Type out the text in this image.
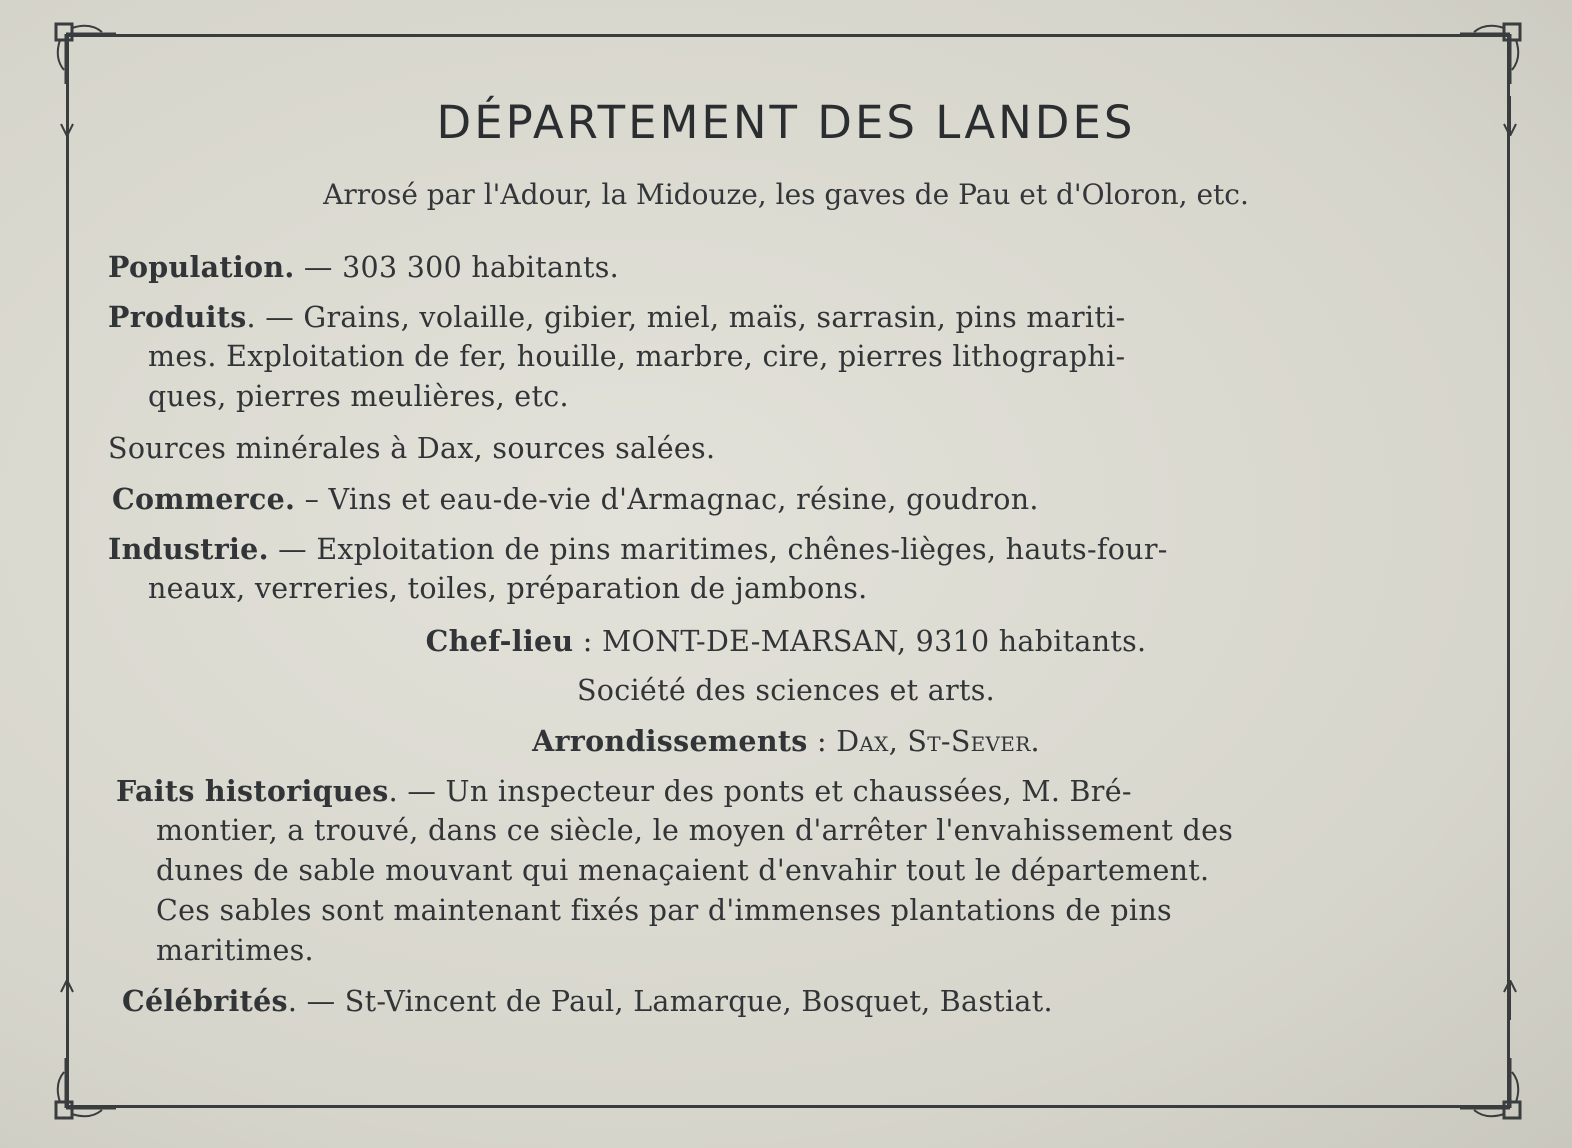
DÉPARTEMENT DES LANDES
Arrosé par l'Adour, la Midouze, les gaves de Pau et d'Oloron, etc.
Population. — 303 300 habitants.
Produits. — Grains, volaille, gibier, miel, maïs, sarrasin, pins mariti-
mes. Exploitation de fer, houille, marbre, cire, pierres lithographi-
ques, pierres meulières, etc.
Sources minérales à Dax, sources salées.
Commerce. – Vins et eau-de-vie d'Armagnac, résine, goudron.
Industrie. — Exploitation de pins maritimes, chênes-lièges, hauts-four-
neaux, verreries, toiles, préparation de jambons.
Chef-lieu : MONT-DE-MARSAN, 9310 habitants.
Société des sciences et arts.
Arrondissements : Dax, St-Sever.
Faits historiques. — Un inspecteur des ponts et chaussées, M. Bré-
montier, a trouvé, dans ce siècle, le moyen d'arrêter l'envahissement des
dunes de sable mouvant qui menaçaient d'envahir tout le département.
Ces sables sont maintenant fixés par d'immenses plantations de pins
maritimes.
Célébrités. — St-Vincent de Paul, Lamarque, Bosquet, Bastiat.
